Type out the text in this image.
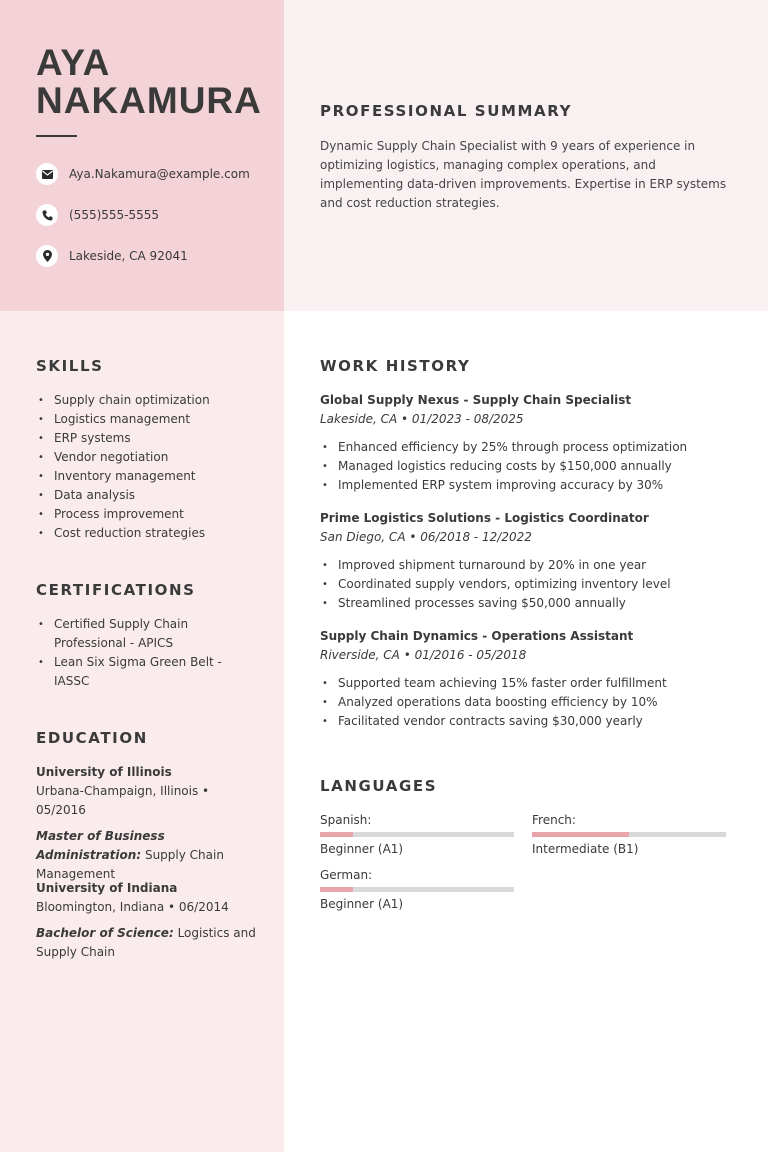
AYA
NAKAMURA
Aya.Nakamura@example.com
(555)555-5555
Lakeside, CA 92041
PROFESSIONAL SUMMARY
Dynamic Supply Chain Specialist with 9 years of experience in optimizing logistics, managing complex operations, and implementing data-driven improvements. Expertise in ERP systems and cost reduction strategies.
SKILLS
• Supply chain optimization
• Logistics management
• ERP systems
• Vendor negotiation
• Inventory management
• Data analysis
• Process improvement
• Cost reduction strategies
CERTIFICATIONS
• Certified Supply Chain Professional - APICS
• Lean Six Sigma Green Belt - IASSC
EDUCATION
University of Illinois
Urbana-Champaign, Illinois • 05/2016
Master of Business Administration: Supply Chain Management
University of Indiana
Bloomington, Indiana • 06/2014
Bachelor of Science: Logistics and Supply Chain
WORK HISTORY
Global Supply Nexus - Supply Chain Specialist
Lakeside, CA • 01/2023 - 08/2025
• Enhanced efficiency by 25% through process optimization
• Managed logistics reducing costs by $150,000 annually
• Implemented ERP system improving accuracy by 30%
Prime Logistics Solutions - Logistics Coordinator
San Diego, CA • 06/2018 - 12/2022
• Improved shipment turnaround by 20% in one year
• Coordinated supply vendors, optimizing inventory level
• Streamlined processes saving $50,000 annually
Supply Chain Dynamics - Operations Assistant
Riverside, CA • 01/2016 - 05/2018
• Supported team achieving 15% faster order fulfillment
• Analyzed operations data boosting efficiency by 10%
• Facilitated vendor contracts saving $30,000 yearly
LANGUAGES
Spanish:
Beginner (A1)
French:
Intermediate (B1)
German:
Beginner (A1)
